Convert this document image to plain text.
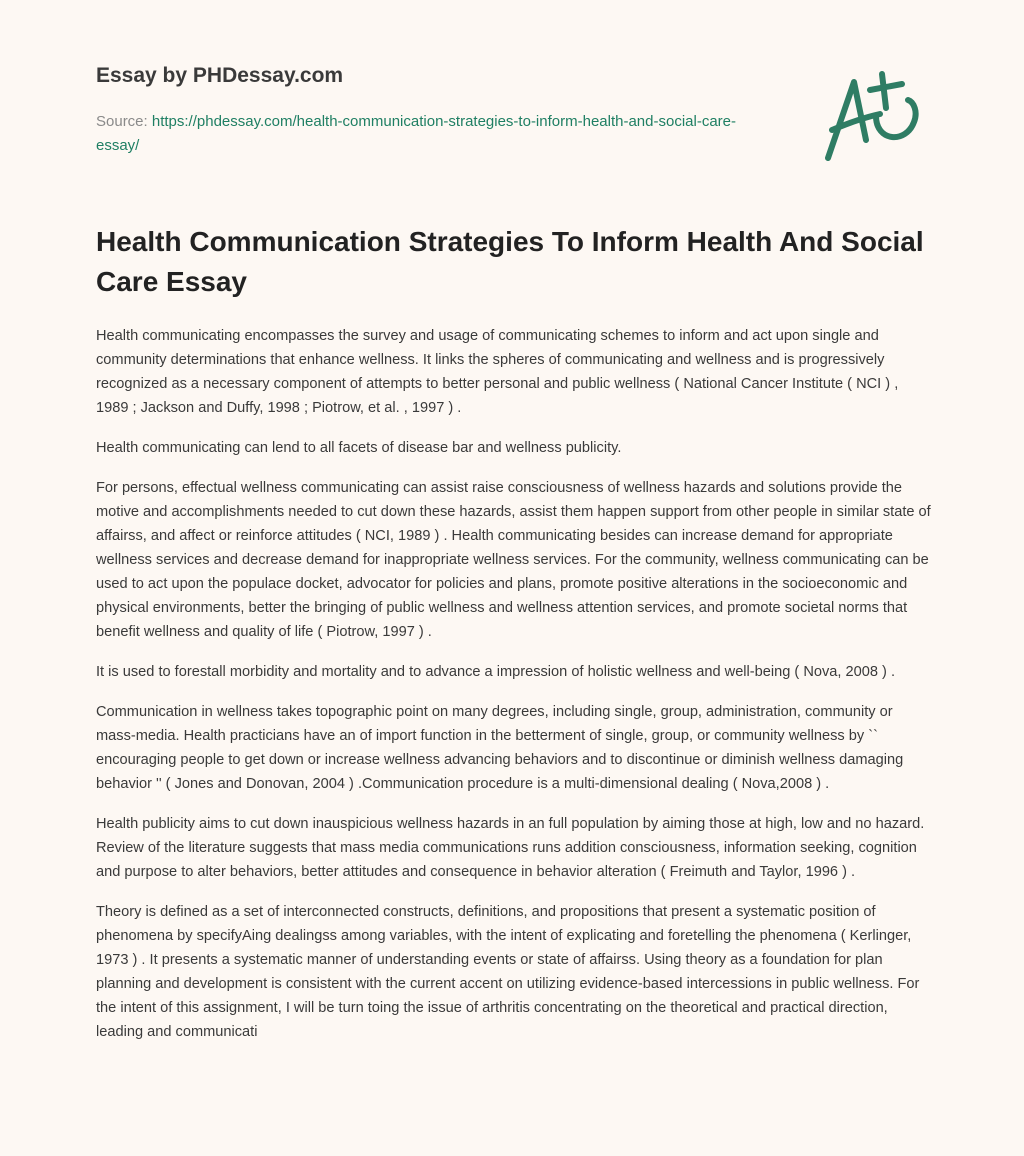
Essay by PHDessay.com

Source: https://phdessay.com/health-communication-strategies-to-inform-health-and-social-care-essay/
Health Communication Strategies To Inform Health And Social Care Essay

Health communicating encompasses the survey and usage of communicating schemes to inform and act upon single and community determinations that enhance wellness. It links the spheres of communicating and wellness and is progressively recognized as a necessary component of attempts to better personal and public wellness ( National Cancer Institute ( NCI ) , 1989 ; Jackson and Duffy, 1998 ; Piotrow, et al. , 1997 ) .

Health communicating can lend to all facets of disease bar and wellness publicity.

For persons, effectual wellness communicating can assist raise consciousness of wellness hazards and solutions provide the motive and accomplishments needed to cut down these hazards, assist them happen support from other people in similar state of affairss, and affect or reinforce attitudes ( NCI, 1989 ) . Health communicating besides can increase demand for appropriate wellness services and decrease demand for inappropriate wellness services. For the community, wellness communicating can be used to act upon the populace docket, advocator for policies and plans, promote positive alterations in the socioeconomic and physical environments, better the bringing of public wellness and wellness attention services, and promote societal norms that benefit wellness and quality of life ( Piotrow, 1997 ) .

It is used to forestall morbidity and mortality and to advance a impression of holistic wellness and well-being ( Nova, 2008 ) .

Communication in wellness takes topographic point on many degrees, including single, group, administration, community or mass-media. Health practicians have an of import function in the betterment of single, group, or community wellness by `` encouraging people to get down or increase wellness advancing behaviors and to discontinue or diminish wellness damaging behavior '' ( Jones and Donovan, 2004 ) .Communication procedure is a multi-dimensional dealing ( Nova,2008 ) .

Health publicity aims to cut down inauspicious wellness hazards in an full population by aiming those at high, low and no hazard. Review of the literature suggests that mass media communications runs addition consciousness, information seeking, cognition and purpose to alter behaviors, better attitudes and consequence in behavior alteration ( Freimuth and Taylor, 1996 ) .

Theory is defined as a set of interconnected constructs, definitions, and propositions that present a systematic position of phenomena by specifyAing dealingss among variables, with the intent of explicating and foretelling the phenomena ( Kerlinger, 1973 ) . It presents a systematic manner of understanding events or state of affairss. Using theory as a foundation for plan planning and development is consistent with the current accent on utilizing evidence-based intercessions in public wellness. For the intent of this assignment, I will be turn toing the issue of arthritis concentrating on the theoretical and practical direction, leading and communicati
